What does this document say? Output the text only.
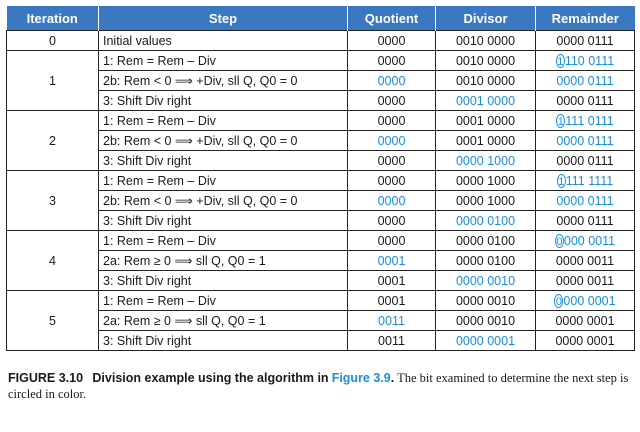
Iteration	Step	Quotient	Divisor	Remainder
0	Initial values	0000	0010 0000	0000 0111
1	1: Rem = Rem – Div	0000	0010 0000	1110 0111
	2b: Rem < 0 ⟹ +Div, sll Q, Q0 = 0	0000	0010 0000	0000 0111
	3: Shift Div right	0000	0001 0000	0000 0111
2	1: Rem = Rem – Div	0000	0001 0000	1111 0111
	2b: Rem < 0 ⟹ +Div, sll Q, Q0 = 0	0000	0001 0000	0000 0111
	3: Shift Div right	0000	0000 1000	0000 0111
3	1: Rem = Rem – Div	0000	0000 1000	1111 1111
	2b: Rem < 0 ⟹ +Div, sll Q, Q0 = 0	0000	0000 1000	0000 0111
	3: Shift Div right	0000	0000 0100	0000 0111
4	1: Rem = Rem – Div	0000	0000 0100	0000 0011
	2a: Rem ≥ 0 ⟹ sll Q, Q0 = 1	0001	0000 0100	0000 0011
	3: Shift Div right	0001	0000 0010	0000 0011
5	1: Rem = Rem – Div	0001	0000 0010	0000 0001
	2a: Rem ≥ 0 ⟹ sll Q, Q0 = 1	0011	0000 0010	0000 0001
	3: Shift Div right	0011	0000 0001	0000 0001
FIGURE 3.10 Division example using the algorithm in Figure 3.9. The bit examined to determine the next step is circled in color.
